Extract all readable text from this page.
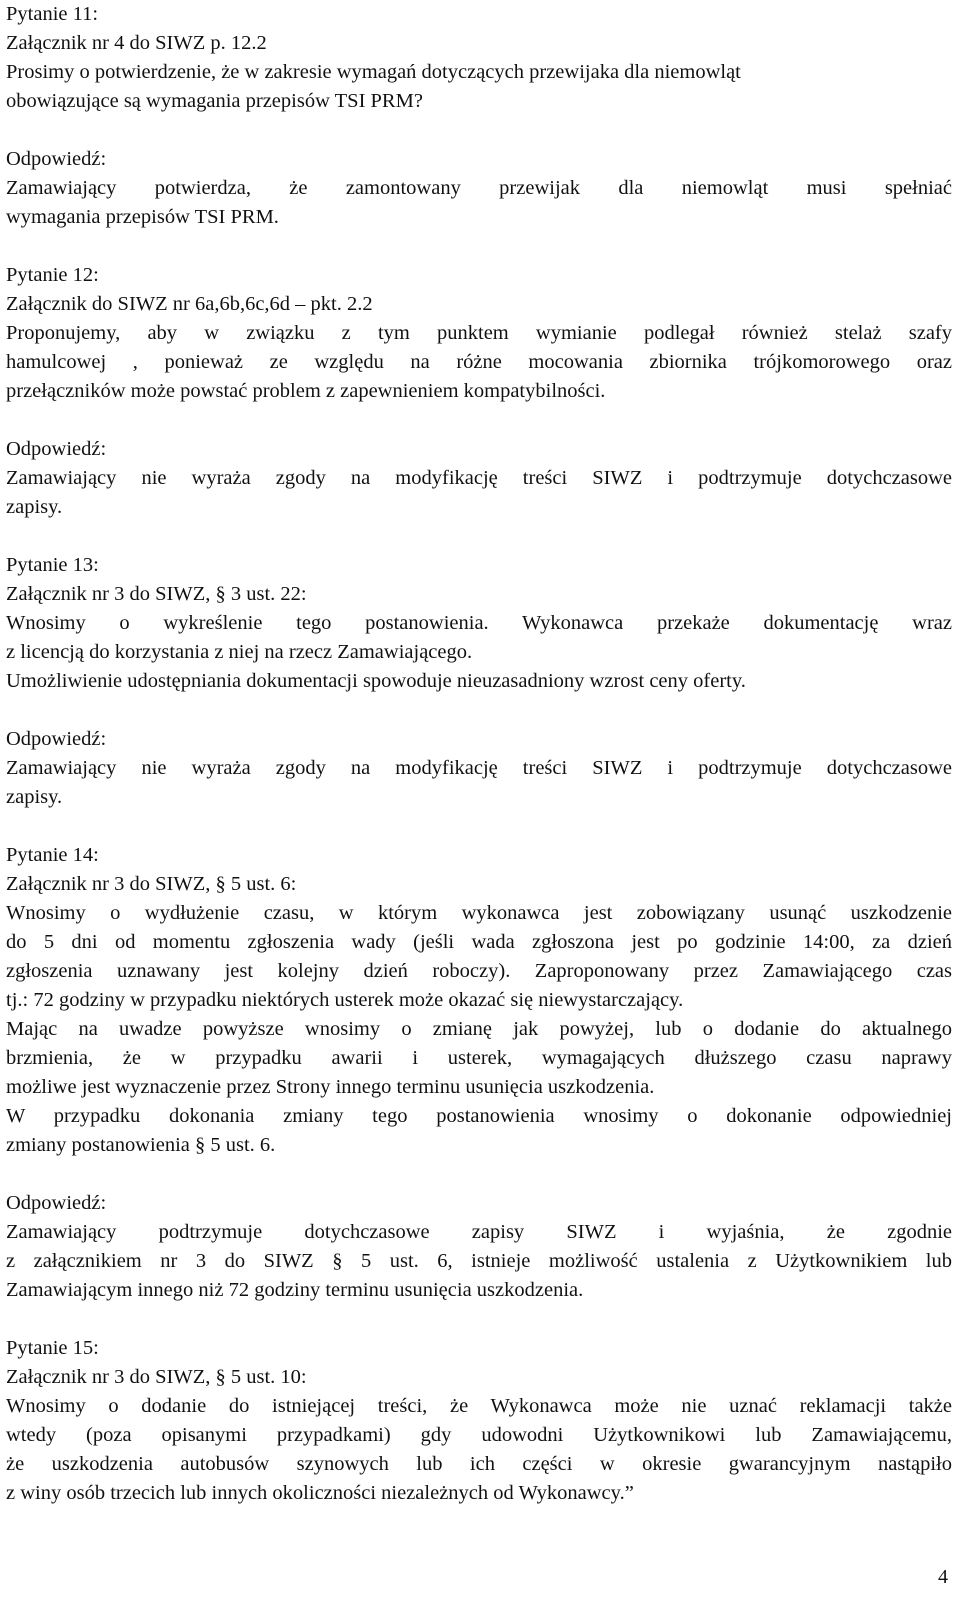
Pytanie 11:
Załącznik nr 4 do SIWZ p. 12.2
Prosimy o potwierdzenie, że w zakresie wymagań dotyczących przewijaka dla niemowląt
obowiązujące są wymagania przepisów TSI PRM?
Odpowiedź:
Zamawiający potwierdza, że zamontowany przewijak dla niemowląt musi spełniać
wymagania przepisów TSI PRM.
Pytanie 12:
Załącznik do SIWZ nr 6a,6b,6c,6d – pkt. 2.2
Proponujemy, aby w związku z tym punktem wymianie podlegał również stelaż szafy
hamulcowej , ponieważ ze względu na różne mocowania zbiornika trójkomorowego oraz
przełączników może powstać problem z zapewnieniem kompatybilności.
Odpowiedź:
Zamawiający nie wyraża zgody na modyfikację treści SIWZ i podtrzymuje dotychczasowe
zapisy.
Pytanie 13:
Załącznik nr 3 do SIWZ, § 3 ust. 22:
Wnosimy o wykreślenie tego postanowienia. Wykonawca przekaże dokumentację wraz
z licencją do korzystania z niej na rzecz Zamawiającego.
Umożliwienie udostępniania dokumentacji spowoduje nieuzasadniony wzrost ceny oferty.
Odpowiedź:
Zamawiający nie wyraża zgody na modyfikację treści SIWZ i podtrzymuje dotychczasowe
zapisy.
Pytanie 14:
Załącznik nr 3 do SIWZ, § 5 ust. 6:
Wnosimy o wydłużenie czasu, w którym wykonawca jest zobowiązany usunąć uszkodzenie
do 5 dni od momentu zgłoszenia wady (jeśli wada zgłoszona jest po godzinie 14:00, za dzień
zgłoszenia uznawany jest kolejny dzień roboczy). Zaproponowany przez Zamawiającego czas
tj.: 72 godziny w przypadku niektórych usterek może okazać się niewystarczający.
Mając na uwadze powyższe wnosimy o zmianę jak powyżej, lub o dodanie do aktualnego
brzmienia, że w przypadku awarii i usterek, wymagających dłuższego czasu naprawy
możliwe jest wyznaczenie przez Strony innego terminu usunięcia uszkodzenia.
W przypadku dokonania zmiany tego postanowienia wnosimy o dokonanie odpowiedniej
zmiany postanowienia § 5 ust. 6.
Odpowiedź:
Zamawiający podtrzymuje dotychczasowe zapisy SIWZ i wyjaśnia, że zgodnie
z załącznikiem nr 3 do SIWZ § 5 ust. 6, istnieje możliwość ustalenia z Użytkownikiem lub
Zamawiającym innego niż 72 godziny terminu usunięcia uszkodzenia.
Pytanie 15:
Załącznik nr 3 do SIWZ, § 5 ust. 10:
Wnosimy o dodanie do istniejącej treści, że Wykonawca może nie uznać reklamacji także
wtedy (poza opisanymi przypadkami) gdy udowodni Użytkownikowi lub Zamawiającemu,
że uszkodzenia autobusów szynowych lub ich części w okresie gwarancyjnym nastąpiło
z winy osób trzecich lub innych okoliczności niezależnych od Wykonawcy.”
4
